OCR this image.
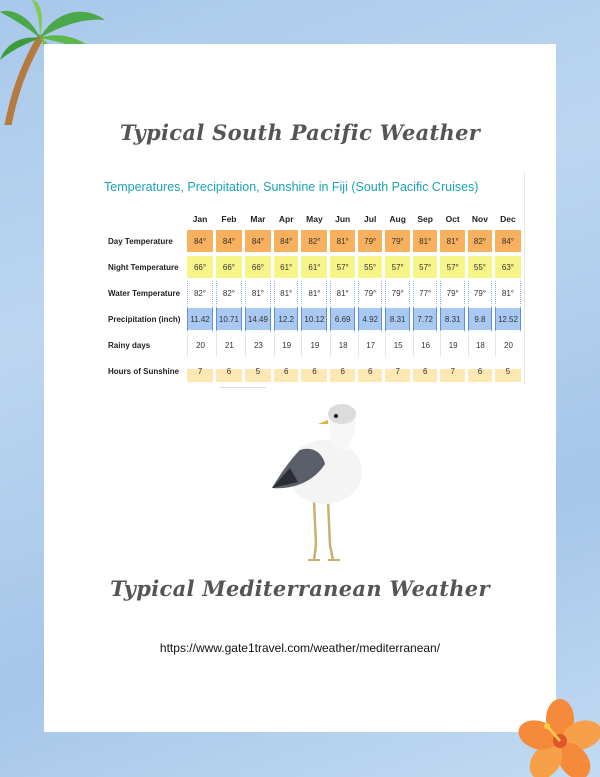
Typical South Pacific Weather
Temperatures, Precipitation, Sunshine in Fiji (South Pacific Cruises)
	Jan	Feb	Mar	Apr	May	Jun	Jul	Aug	Sep	Oct	Nov	Dec
Day Temperature	84°	84°	84°	84°	82°	81°	79°	79°	81°	81°	82°	84°
Night Temperature	66°	66°	66°	61°	61°	57°	55°	57°	57°	57°	55°	63°
Water Temperature	82°	82°	81°	81°	81°	81°	79°	79°	77°	79°	79°	81°
Precipitation (inch)	11.42	10.71	14.49	12.2	10.12	6.69	4.92	8.31	7.72	8.31	9.8	12.52
Rainy days	20	21	23	19	19	18	17	15	16	19	18	20
Hours of Sunshine	7	6	5	6	6	6	6	7	6	7	6	5
Typical Mediterranean Weather
https://www.gate1travel.com/weather/mediterranean/
